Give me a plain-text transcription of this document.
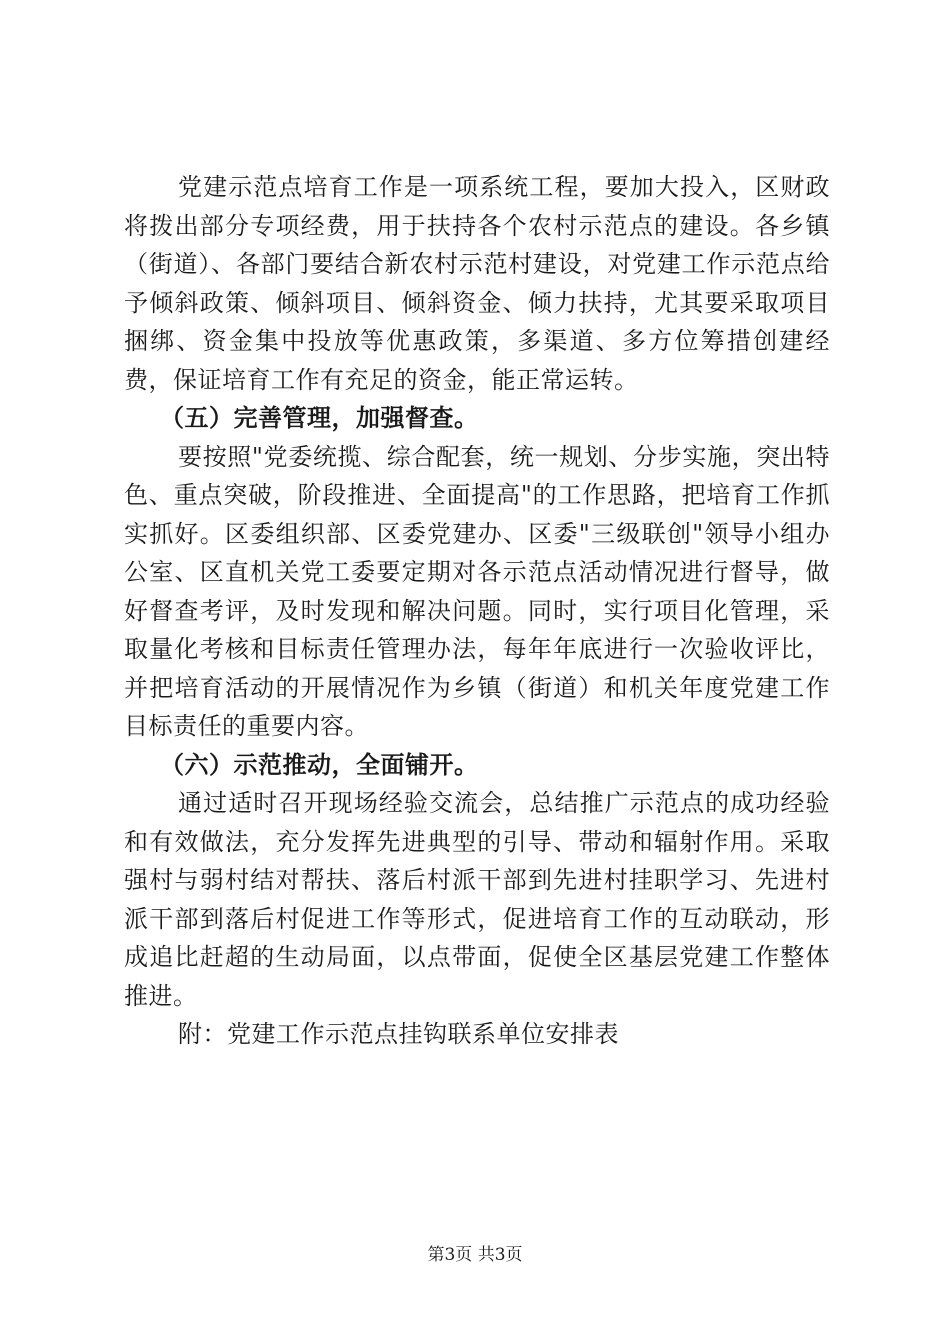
党建示范点培育工作是一项系统工程，要加大投入，区财政将拨出部分专项经费，用于扶持各个农村示范点的建设。各乡镇（街道）、各部门要结合新农村示范村建设，对党建工作示范点给予倾斜政策、倾斜项目、倾斜资金、倾力扶持，尤其要采取项目捆绑、资金集中投放等优惠政策，多渠道、多方位筹措创建经费，保证培育工作有充足的资金，能正常运转。

（五）完善管理，加强督查。

要按照"党委统揽、综合配套，统一规划、分步实施，突出特色、重点突破，阶段推进、全面提高"的工作思路，把培育工作抓实抓好。区委组织部、区委党建办、区委"三级联创"领导小组办公室、区直机关党工委要定期对各示范点活动情况进行督导，做好督查考评，及时发现和解决问题。同时，实行项目化管理，采取量化考核和目标责任管理办法，每年年底进行一次验收评比，并把培育活动的开展情况作为乡镇（街道）和机关年度党建工作目标责任的重要内容。

（六）示范推动，全面铺开。

通过适时召开现场经验交流会，总结推广示范点的成功经验和有效做法，充分发挥先进典型的引导、带动和辐射作用。采取强村与弱村结对帮扶、落后村派干部到先进村挂职学习、先进村派干部到落后村促进工作等形式，促进培育工作的互动联动，形成追比赶超的生动局面，以点带面，促使全区基层党建工作整体推进。

附：党建工作示范点挂钩联系单位安排表

第3页 共3页
